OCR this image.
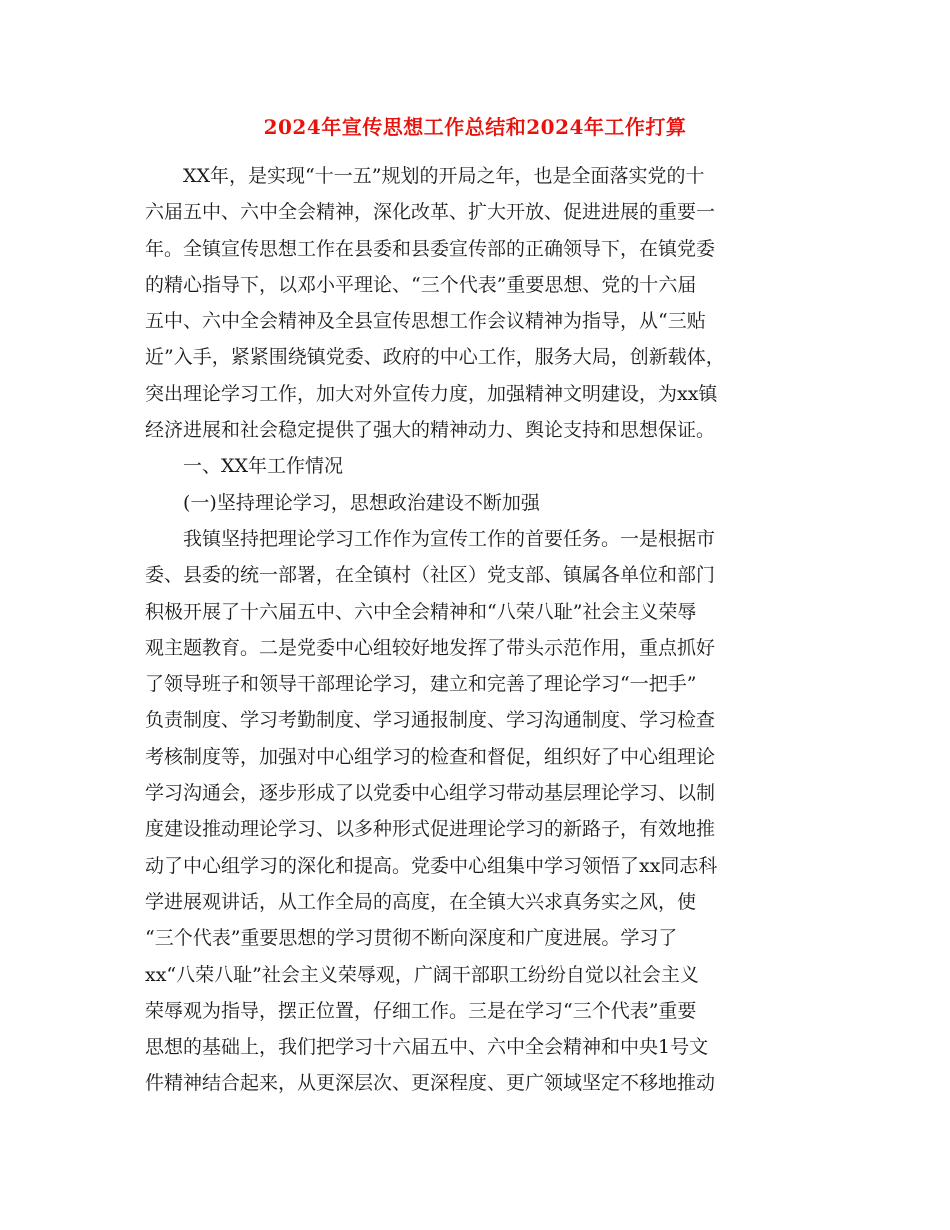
2024年宣传思想工作总结和2024年工作打算
XX年，是实现“十一五”规划的开局之年，也是全面落实党的十
六届五中、六中全会精神，深化改革、扩大开放、促进进展的重要一
年。全镇宣传思想工作在县委和县委宣传部的正确领导下，在镇党委
的精心指导下，以邓小平理论、“三个代表”重要思想、党的十六届
五中、六中全会精神及全县宣传思想工作会议精神为指导，从“三贴
近”入手，紧紧围绕镇党委、政府的中心工作，服务大局，创新载体，
突出理论学习工作，加大对外宣传力度，加强精神文明建设，为xx镇
经济进展和社会稳定提供了强大的精神动力、舆论支持和思想保证。
一、XX年工作情况
(一)坚持理论学习，思想政治建设不断加强
我镇坚持把理论学习工作作为宣传工作的首要任务。一是根据市
委、县委的统一部署，在全镇村（社区）党支部、镇属各单位和部门
积极开展了十六届五中、六中全会精神和“八荣八耻”社会主义荣辱
观主题教育。二是党委中心组较好地发挥了带头示范作用，重点抓好
了领导班子和领导干部理论学习，建立和完善了理论学习“一把手”
负责制度、学习考勤制度、学习通报制度、学习沟通制度、学习检查
考核制度等，加强对中心组学习的检查和督促，组织好了中心组理论
学习沟通会，逐步形成了以党委中心组学习带动基层理论学习、以制
度建设推动理论学习、以多种形式促进理论学习的新路子，有效地推
动了中心组学习的深化和提高。党委中心组集中学习领悟了xx同志科
学进展观讲话，从工作全局的高度，在全镇大兴求真务实之风，使
“三个代表”重要思想的学习贯彻不断向深度和广度进展。学习了
xx“八荣八耻”社会主义荣辱观，广阔干部职工纷纷自觉以社会主义
荣辱观为指导，摆正位置，仔细工作。三是在学习“三个代表”重要
思想的基础上，我们把学习十六届五中、六中全会精神和中央1号文
件精神结合起来，从更深层次、更深程度、更广领域坚定不移地推动
